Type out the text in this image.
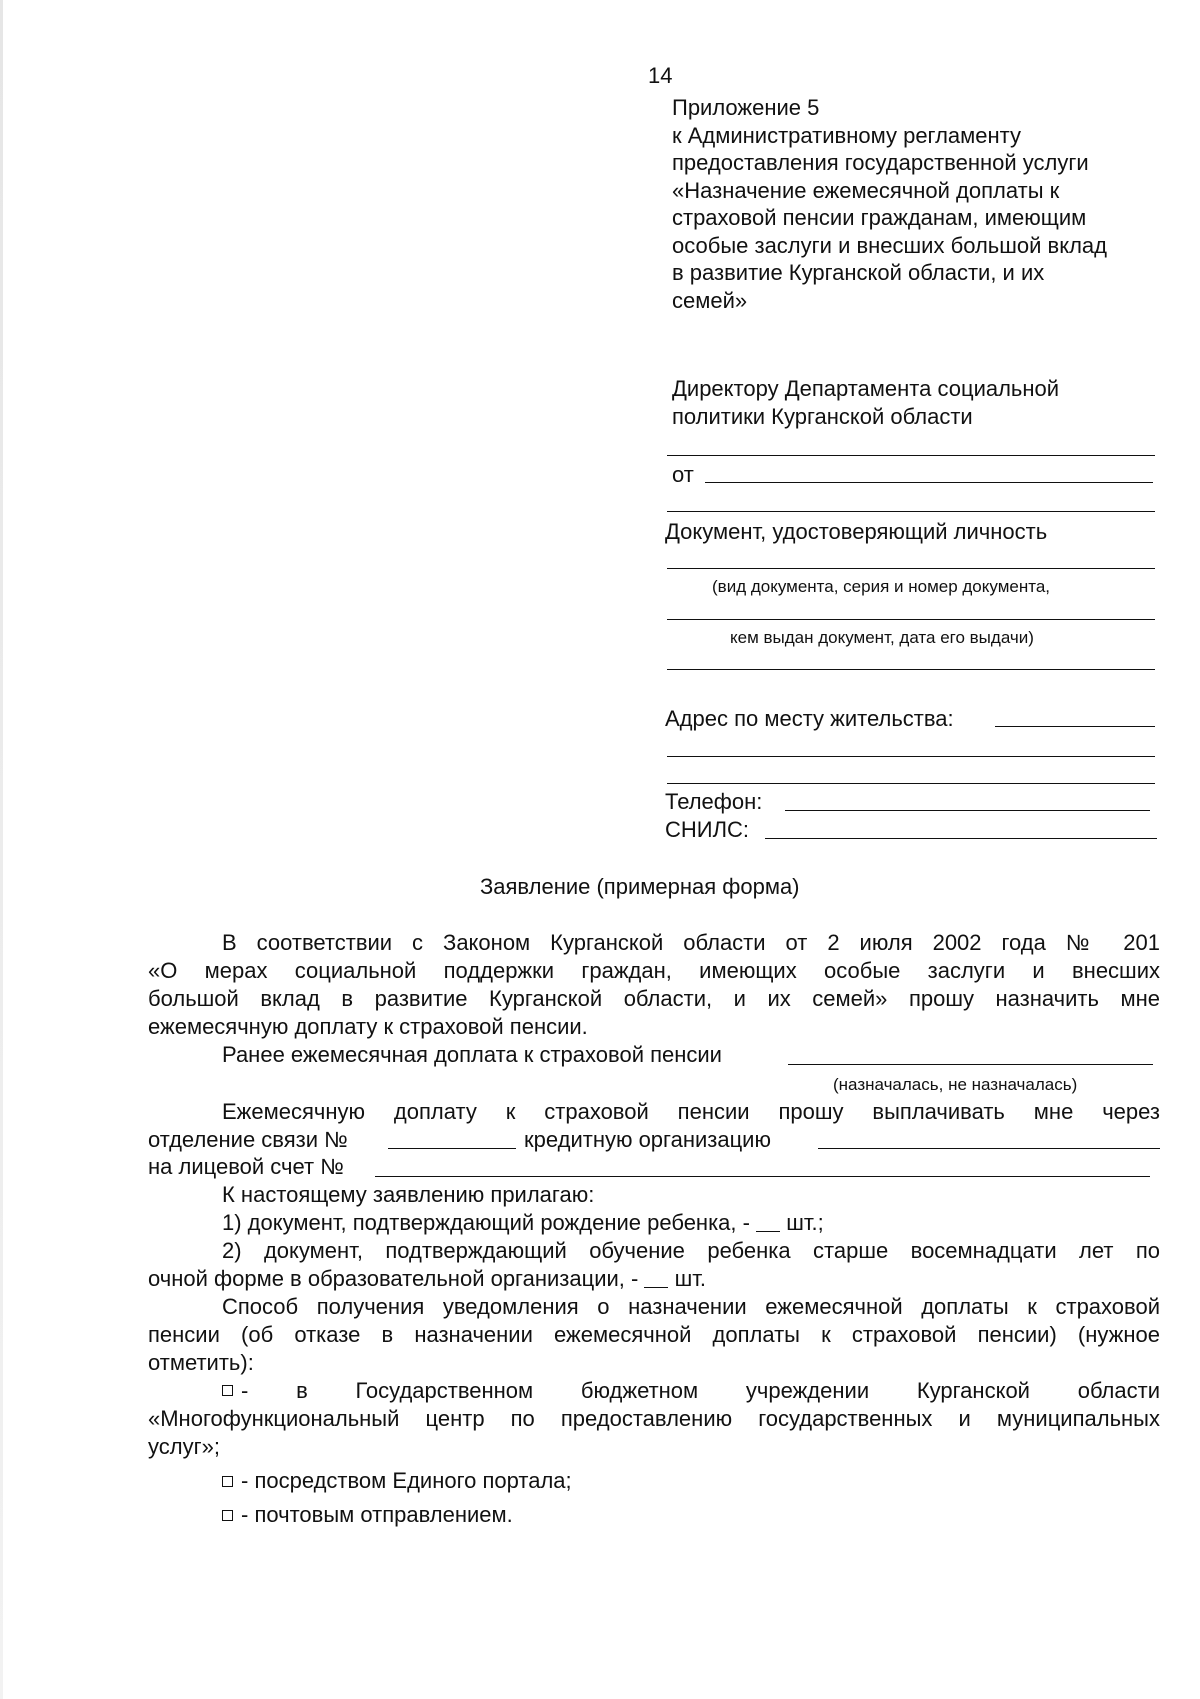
14
Приложение 5
к Административному регламенту
предоставления государственной услуги
«Назначение ежемесячной доплаты к
страховой пенсии гражданам, имеющим
особые заслуги и внесших большой вклад
в развитие Курганской области, и их
семей»
Директору Департамента социальной
политики Курганской области
от
Документ, удостоверяющий личность
(вид документа, серия и номер документа,
кем выдан документ, дата его выдачи)
Адрес по месту жительства:
Телефон:
СНИЛС:
Заявление (примерная форма)
В соответствии с Законом Курганской области от 2 июля 2002 года № 201
«О мерах социальной поддержки граждан, имеющих особые заслуги и внесших
большой вклад в развитие Курганской области, и их семей» прошу назначить мне
ежемесячную доплату к страховой пенсии.
Ранее ежемесячная доплата к страховой пенсии
(назначалась, не назначалась)
Ежемесячную доплату к страховой пенсии прошу выплачивать мне через
отделение связи №	кредитную организацию
на лицевой счет №
К настоящему заявлению прилагаю:
1) документ, подтверждающий рождение ребенка, - шт.;
2) документ, подтверждающий обучение ребенка старше восемнадцати лет по
очной форме в образовательной организации, - шт.
Способ получения уведомления о назначении ежемесячной доплаты к страховой
пенсии (об отказе в назначении ежемесячной доплаты к страховой пенсии) (нужное
отметить):
- в Государственном бюджетном учреждении Курганской области
«Многофункциональный центр по предоставлению государственных и муниципальных
услуг»;
- посредством Единого портала;
- почтовым отправлением.
